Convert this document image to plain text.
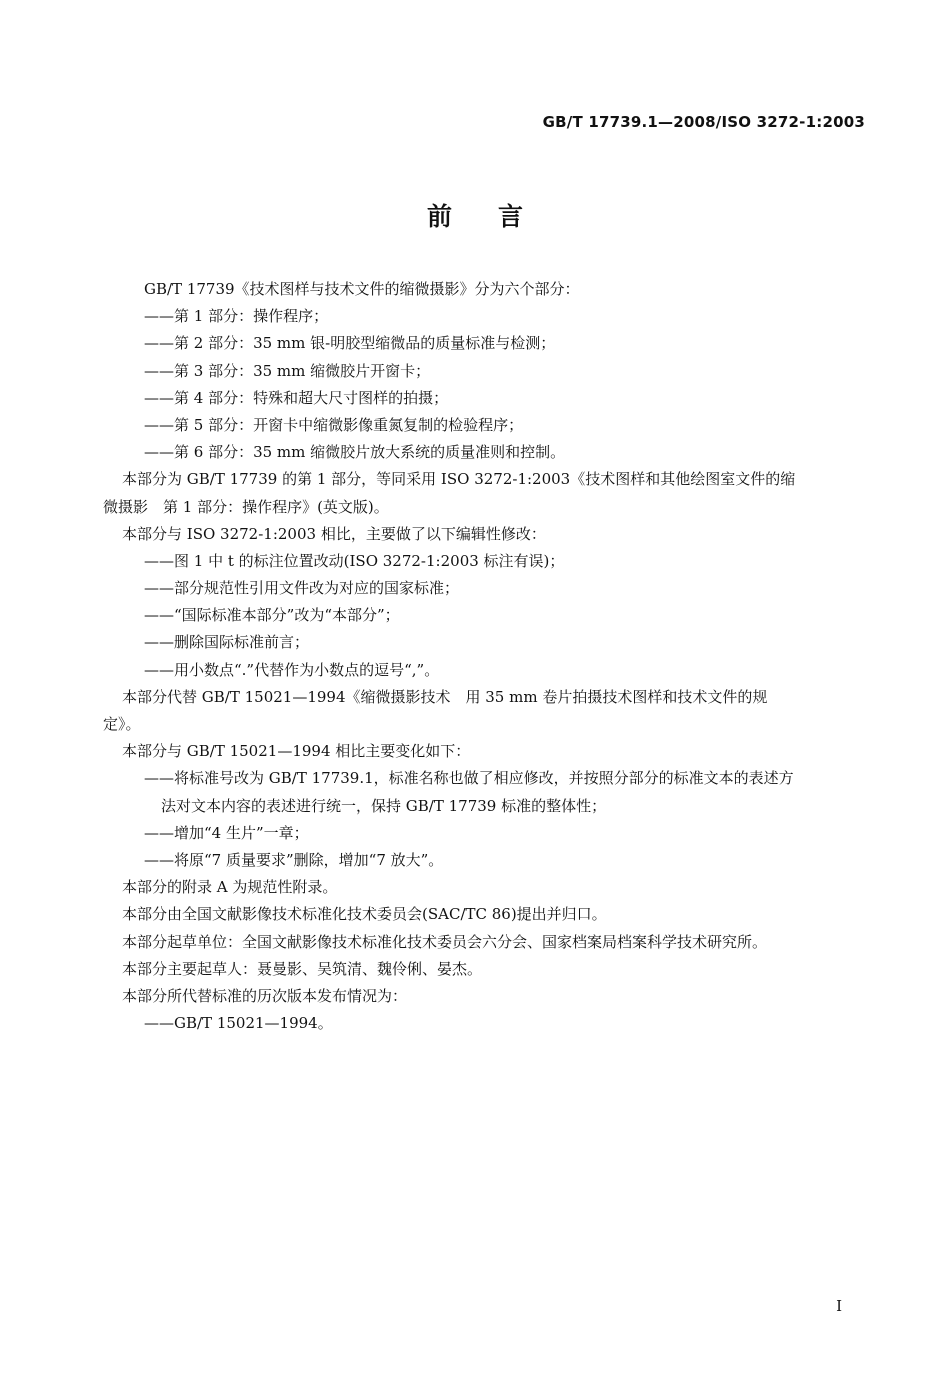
GB/T 17739.1—2008/ISO 3272-1:2003
前言
GB/T 17739《技术图样与技术文件的缩微摄影》分为六个部分：
——第 1 部分：操作程序；
——第 2 部分：35 mm 银-明胶型缩微品的质量标准与检测；
——第 3 部分：35 mm 缩微胶片开窗卡；
——第 4 部分：特殊和超大尺寸图样的拍摄；
——第 5 部分：开窗卡中缩微影像重氮复制的检验程序；
——第 6 部分：35 mm 缩微胶片放大系统的质量准则和控制。
本部分为 GB/T 17739 的第 1 部分，等同采用 ISO 3272-1:2003《技术图样和其他绘图室文件的缩
微摄影　第 1 部分：操作程序》(英文版)。
本部分与 ISO 3272-1:2003 相比，主要做了以下编辑性修改：
——图 1 中 t 的标注位置改动(ISO 3272-1:2003 标注有误)；
——部分规范性引用文件改为对应的国家标准；
——“国际标准本部分”改为“本部分”；
——删除国际标准前言；
——用小数点“.”代替作为小数点的逗号“,”。
本部分代替 GB/T 15021—1994《缩微摄影技术　用 35 mm 卷片拍摄技术图样和技术文件的规
定》。
本部分与 GB/T 15021—1994 相比主要变化如下：
——将标准号改为 GB/T 17739.1，标准名称也做了相应修改，并按照分部分的标准文本的表述方
法对文本内容的表述进行统一，保持 GB/T 17739 标准的整体性；
——增加“4 生片”一章；
——将原“7 质量要求”删除，增加“7 放大”。
本部分的附录 A 为规范性附录。
本部分由全国文献影像技术标准化技术委员会(SAC/TC 86)提出并归口。
本部分起草单位：全国文献影像技术标准化技术委员会六分会、国家档案局档案科学技术研究所。
本部分主要起草人：聂曼影、吴筑清、魏伶俐、晏杰。
本部分所代替标准的历次版本发布情况为：
——GB/T 15021—1994。
I
